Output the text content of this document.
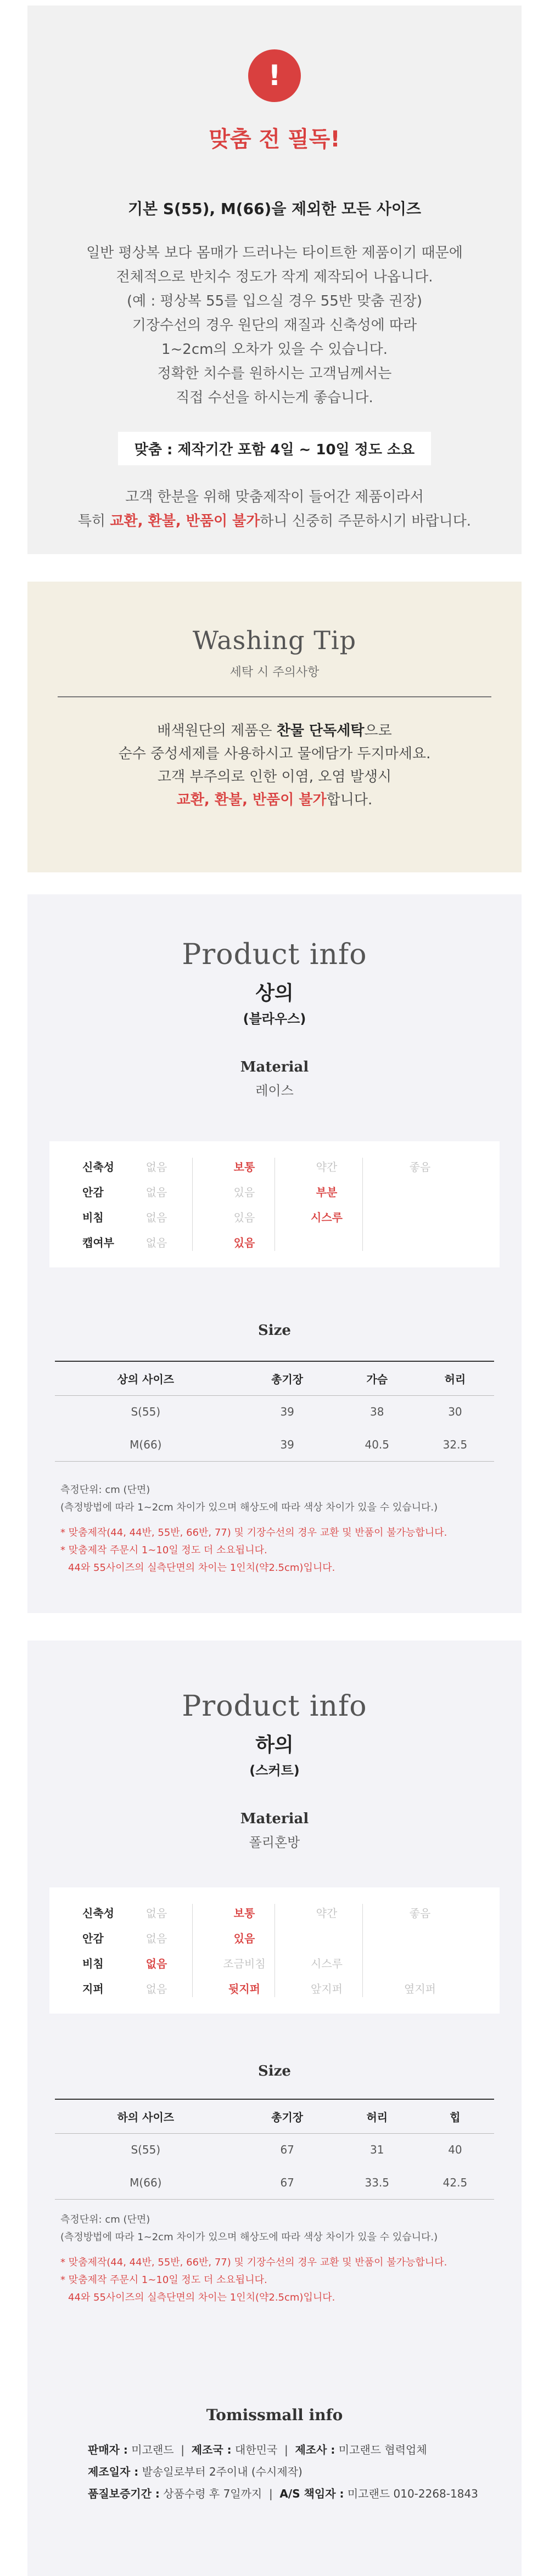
!
맞춤 전 필독!
기본 S(55), M(66)을 제외한 모든 사이즈
일반 평상복 보다 몸매가 드러나는 타이트한 제품이기 때문에
전체적으로 반치수 정도가 작게 제작되어 나옵니다.
(예 : 평상복 55를 입으실 경우 55반 맞춤 권장)
기장수선의 경우 원단의 재질과 신축성에 따라
1~2cm의 오차가 있을 수 있습니다.
정확한 치수를 원하시는 고객님께서는
직접 수선을 하시는게 좋습니다.
맞춤 : 제작기간 포함 4일 ~ 10일 정도 소요
고객 한분을 위해 맞춤제작이 들어간 제품이라서
특히 교환, 환불, 반품이 불가하니 신중히 주문하시기 바랍니다.
Washing Tip
세탁 시 주의사항
배색원단의 제품은 찬물 단독세탁으로
순수 중성세제를 사용하시고 물에담가 두지마세요.
고객 부주의로 인한 이염, 오염 발생시
교환, 환불, 반품이 불가합니다.
Product info
상의
(블라우스)
Material
레이스
신축성	없음	보통	약간	좋음
안감	없음	있음	부분
비침	없음	있음	시스루
캡여부	없음	있음
Size
상의 사이즈	총기장	가슴	허리
S(55)	39	38	30
M(66)	39	40.5	32.5
측정단위: cm (단면)
(측정방법에 따라 1~2cm 차이가 있으며 해상도에 따라 색상 차이가 있을 수 있습니다.)
* 맞춤제작(44, 44반, 55반, 66반, 77) 및 기장수선의 경우 교환 및 반품이 불가능합니다.
* 맞춤제작 주문시 1~10일 정도 더 소요됩니다.
44와 55사이즈의 실측단면의 차이는 1인치(약2.5cm)입니다.
Product info
하의
(스커트)
Material
폴리혼방
신축성	없음	보통	약간	좋음
안감	없음	있음
비침	없음	조금비침	시스루
지퍼	없음	뒷지퍼	앞지퍼	옆지퍼
Size
하의 사이즈	총기장	허리	힙
S(55)	67	31	40
M(66)	67	33.5	42.5
측정단위: cm (단면)
(측정방법에 따라 1~2cm 차이가 있으며 해상도에 따라 색상 차이가 있을 수 있습니다.)
* 맞춤제작(44, 44반, 55반, 66반, 77) 및 기장수선의 경우 교환 및 반품이 불가능합니다.
* 맞춤제작 주문시 1~10일 정도 더 소요됩니다.
44와 55사이즈의 실측단면의 차이는 1인치(약2.5cm)입니다.
Tomissmall info
판매자 : 미고랜드  |  제조국 : 대한민국  |  제조사 : 미고랜드 협력업체
제조일자 : 발송일로부터 2주이내 (수시제작)
품질보증기간 : 상품수령 후 7일까지  |  A/S 책임자 : 미고랜드 010-2268-1843
